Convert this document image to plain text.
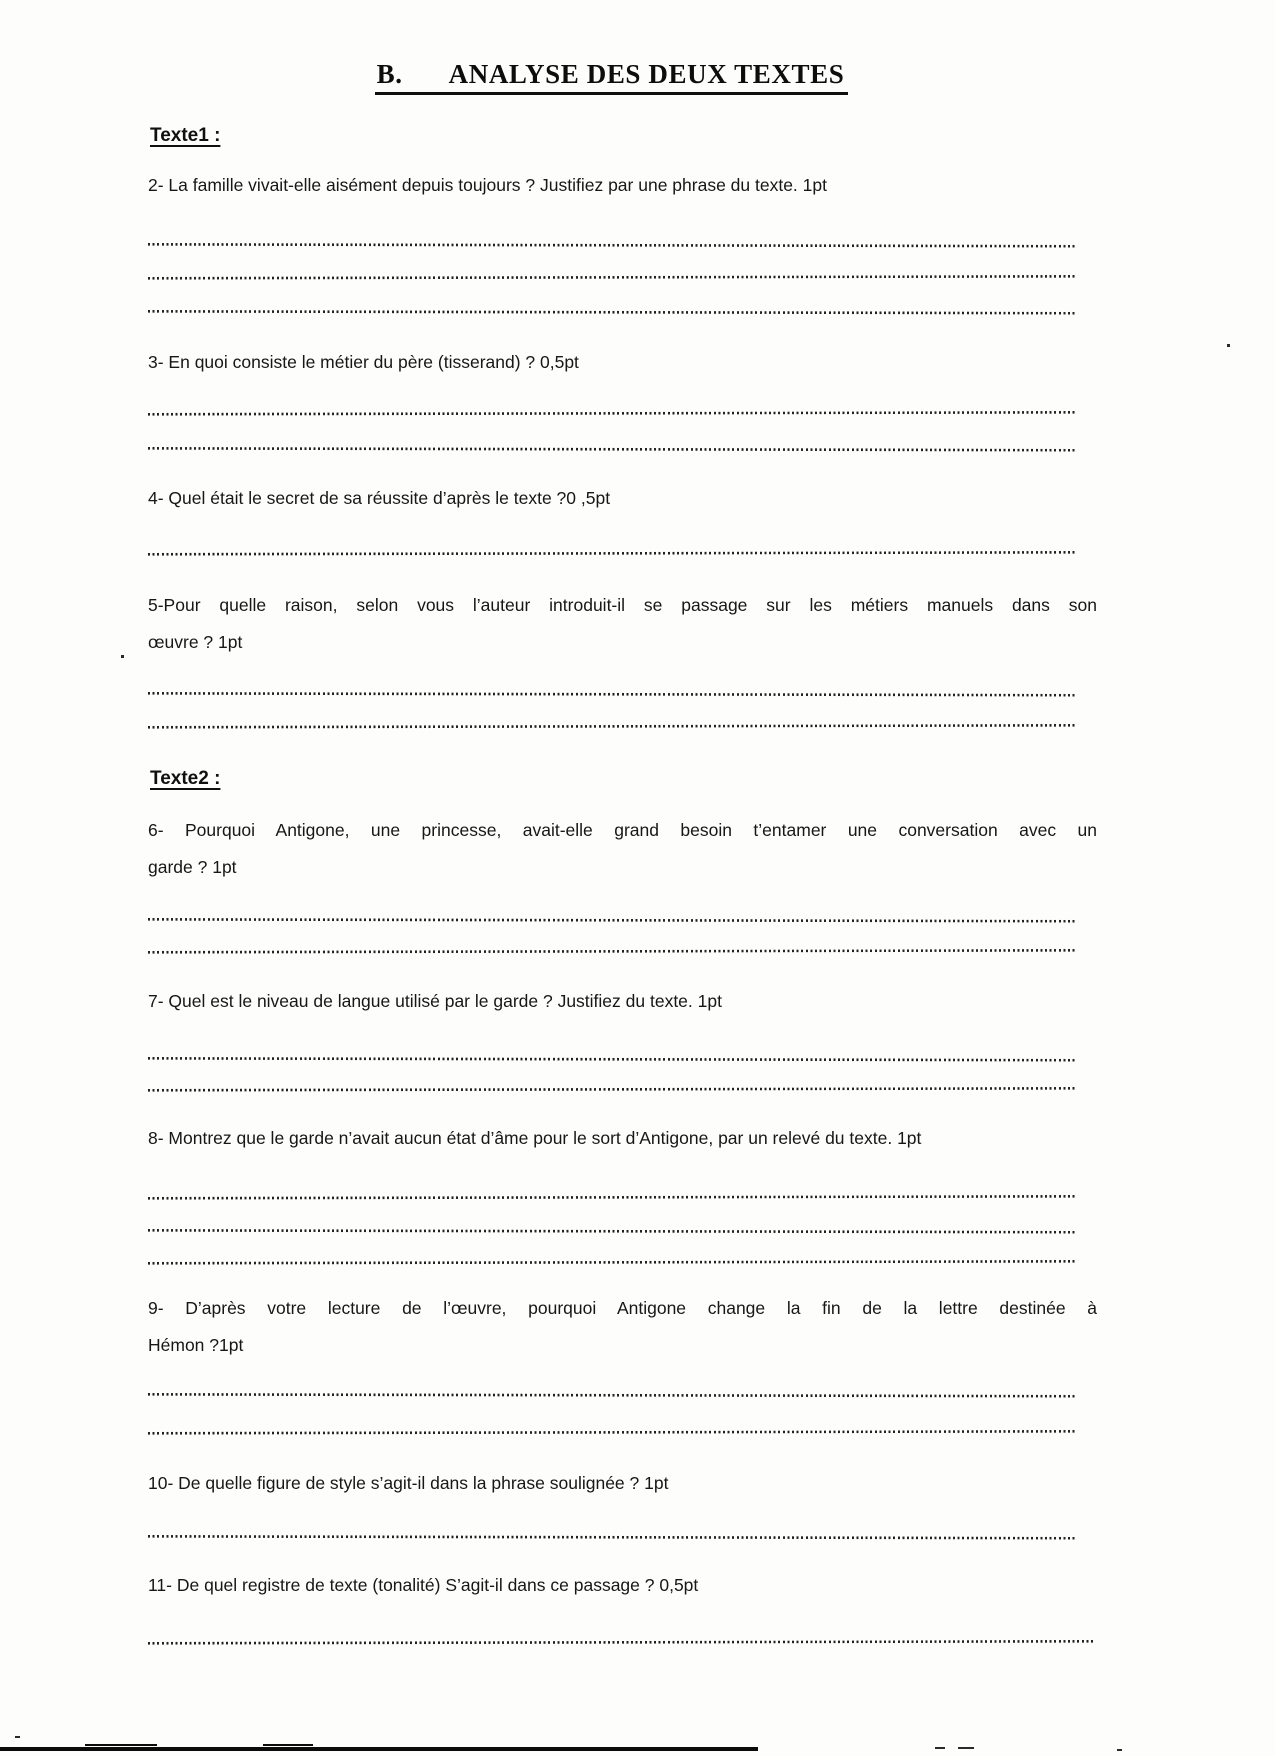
B. ANALYSE DES DEUX TEXTES
Texte1 :
2- La famille vivait-elle aisément depuis toujours ? Justifiez par une phrase du texte. 1pt
3- En quoi consiste le métier du père (tisserand) ? 0,5pt
4- Quel était le secret de sa réussite d’après le texte ?0 ,5pt
5-Pour quelle raison, selon vous l’auteur introduit-il se passage sur les métiers manuels dans son
œuvre ? 1pt
Texte2 :
6- Pourquoi Antigone, une princesse, avait-elle grand besoin t’entamer une conversation avec un
garde ? 1pt
7- Quel est le niveau de langue utilisé par le garde ? Justifiez du texte. 1pt
8- Montrez que le garde n’avait aucun état d’âme pour le sort d’Antigone, par un relevé du texte. 1pt
9- D’après votre lecture de l’œuvre, pourquoi Antigone change la fin de la lettre destinée à
Hémon ?1pt
10- De quelle figure de style s’agit-il dans la phrase soulignée ? 1pt
11- De quel registre de texte (tonalité) S’agit-il dans ce passage ? 0,5pt
